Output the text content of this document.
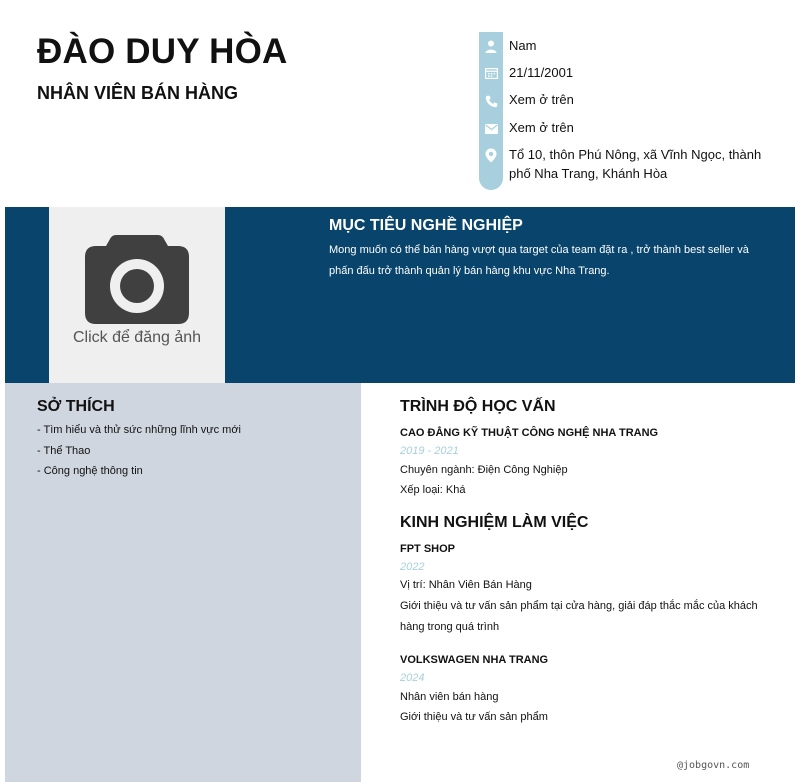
ĐÀO DUY HÒA
NHÂN VIÊN BÁN HÀNG
Nam
21/11/2001
Xem ở trên
Xem ở trên
Tổ 10, thôn Phú Nông, xã Vĩnh Ngọc, thành phố Nha Trang, Khánh Hòa
Click để đăng ảnh
MỤC TIÊU NGHỀ NGHIỆP

Mong muốn có thể bán hàng vượt qua target của team đặt ra , trở thành best seller và phấn đấu trở thành quản lý bán hàng khu vực Nha Trang.

SỞ THÍCH
- Tìm hiểu và thử sức những lĩnh vực mới
- Thể Thao
- Công nghệ thông tin
TRÌNH ĐỘ HỌC VẤN
CAO ĐẲNG KỸ THUẬT CÔNG NGHỆ NHA TRANG
2019 - 2021
Chuyên ngành: Điện Công Nghiệp
Xếp loại: Khá
KINH NGHIỆM LÀM VIỆC
FPT SHOP
2022
Vị trí: Nhân Viên Bán Hàng
Giới thiệu và tư vấn sản phẩm tại cửa hàng, giải đáp thắc mắc của khách hàng trong quá trình
VOLKSWAGEN NHA TRANG
2024
Nhân viên bán hàng
Giới thiệu và tư vấn sản phẩm
@jobgovn.com
